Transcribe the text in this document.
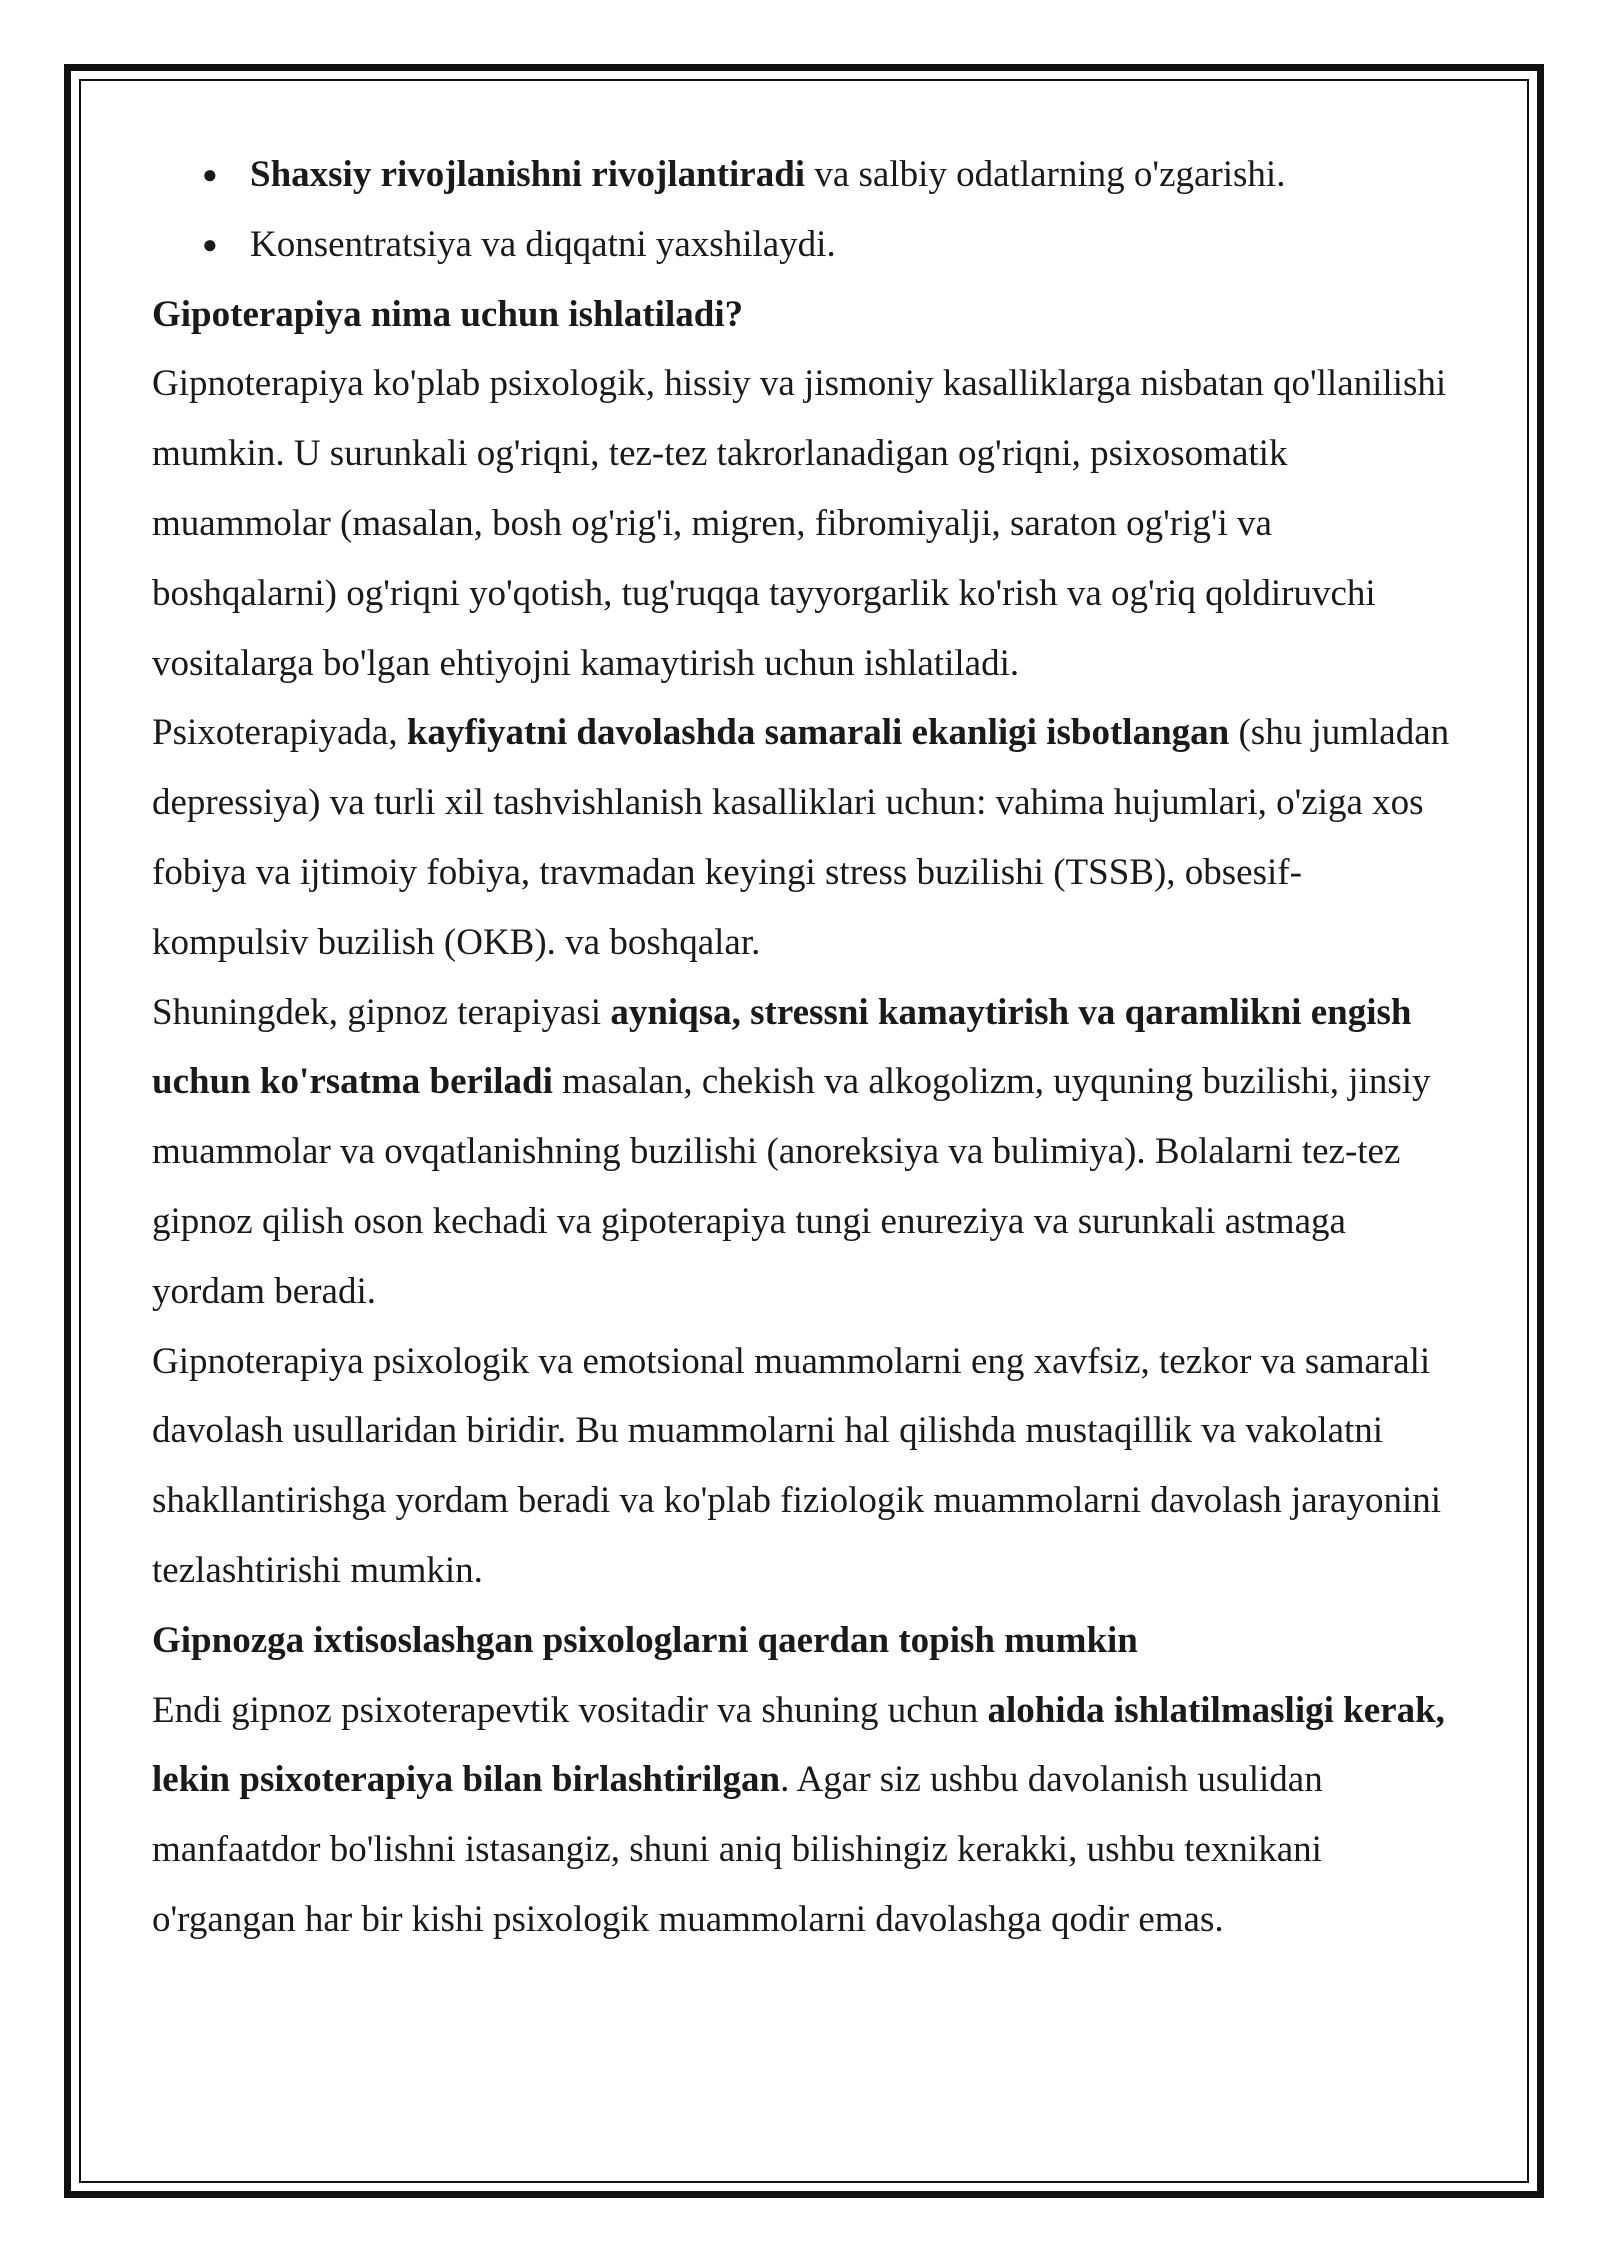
● Shaxsiy rivojlanishni rivojlantiradi va salbiy odatlarning o'zgarishi.
● Konsentratsiya va diqqatni yaxshilaydi.
Gipoterapiya nima uchun ishlatiladi?

Gipnoterapiya ko'plab psixologik, hissiy va jismoniy kasalliklarga nisbatan qo'llanilishi mumkin. U surunkali og'riqni, tez-tez takrorlanadigan og'riqni, psixosomatik muammolar (masalan, bosh og'rig'i, migren, fibromiyalji, saraton og'rig'i va boshqalarni) og'riqni yo'qotish, tug'ruqqa tayyorgarlik ko'rish va og'riq qoldiruvchi vositalarga bo'lgan ehtiyojni kamaytirish uchun ishlatiladi.

Psixoterapiyada, kayfiyatni davolashda samarali ekanligi isbotlangan (shu jumladan depressiya) va turli xil tashvishlanish kasalliklari uchun: vahima hujumlari, o'ziga xos fobiya va ijtimoiy fobiya, travmadan keyingi stress buzilishi (TSSB), obsesif-kompulsiv buzilish (OKB). va boshqalar.

Shuningdek, gipnoz terapiyasi ayniqsa, stressni kamaytirish va qaramlikni engish uchun ko'rsatma beriladi masalan, chekish va alkogolizm, uyquning buzilishi, jinsiy muammolar va ovqatlanishning buzilishi (anoreksiya va bulimiya). Bolalarni tez-tez gipnoz qilish oson kechadi va gipoterapiya tungi enureziya va surunkali astmaga yordam beradi.

Gipnoterapiya psixologik va emotsional muammolarni eng xavfsiz, tezkor va samarali davolash usullaridan biridir. Bu muammolarni hal qilishda mustaqillik va vakolatni shakllantirishga yordam beradi va ko'plab fiziologik muammolarni davolash jarayonini tezlashtirishi mumkin.

Gipnozga ixtisoslashgan psixologlarni qaerdan topish mumkin

Endi gipnoz psixoterapevtik vositadir va shuning uchun alohida ishlatilmasligi kerak, lekin psixoterapiya bilan birlashtirilgan. Agar siz ushbu davolanish usulidan manfaatdor bo'lishni istasangiz, shuni aniq bilishingiz kerakki, ushbu texnikani o'rgangan har bir kishi psixologik muammolarni davolashga qodir emas.
